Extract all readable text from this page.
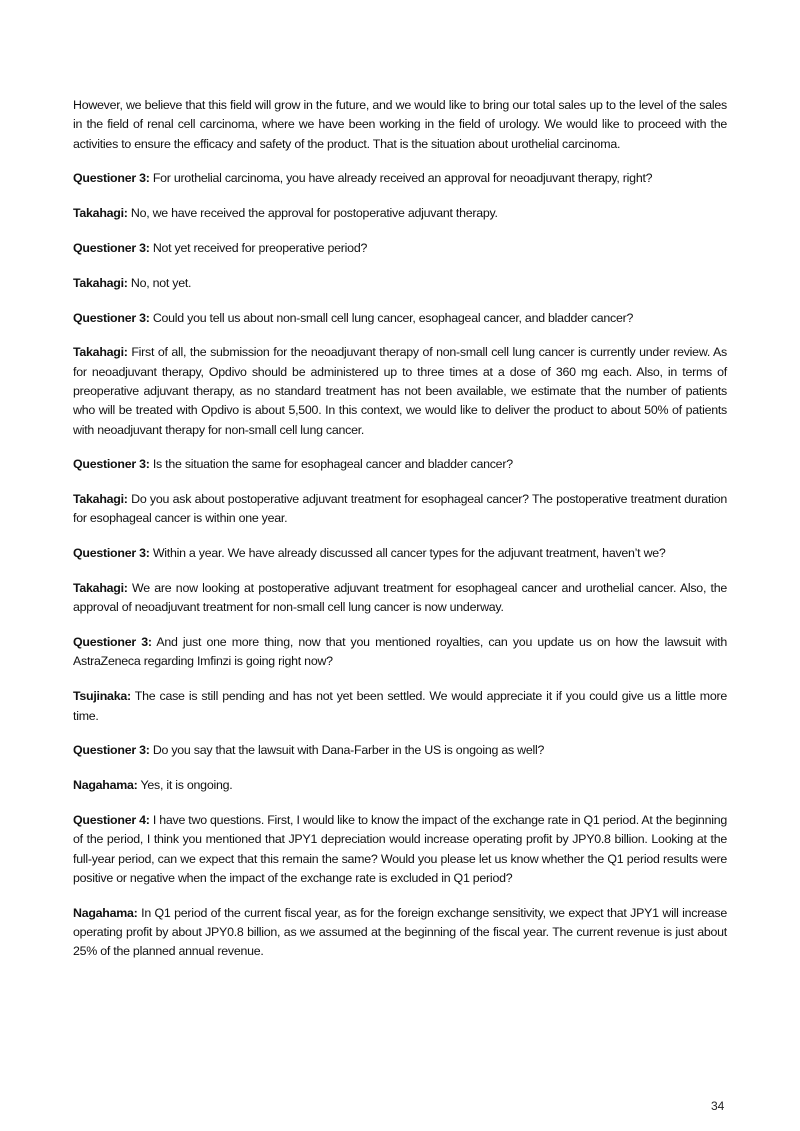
However, we believe that this field will grow in the future, and we would like to bring our total sales up to the level of the sales in the field of renal cell carcinoma, where we have been working in the field of urology. We would like to proceed with the activities to ensure the efficacy and safety of the product. That is the situation about urothelial carcinoma.

Questioner 3: For urothelial carcinoma, you have already received an approval for neoadjuvant therapy, right?

Takahagi: No, we have received the approval for postoperative adjuvant therapy.

Questioner 3: Not yet received for preoperative period?

Takahagi: No, not yet.

Questioner 3: Could you tell us about non-small cell lung cancer, esophageal cancer, and bladder cancer?

Takahagi: First of all, the submission for the neoadjuvant therapy of non-small cell lung cancer is currently under review. As for neoadjuvant therapy, Opdivo should be administered up to three times at a dose of 360 mg each. Also, in terms of preoperative adjuvant therapy, as no standard treatment has not been available, we estimate that the number of patients who will be treated with Opdivo is about 5,500. In this context, we would like to deliver the product to about 50% of patients with neoadjuvant therapy for non-small cell lung cancer.

Questioner 3: Is the situation the same for esophageal cancer and bladder cancer?

Takahagi: Do you ask about postoperative adjuvant treatment for esophageal cancer? The postoperative treatment duration for esophageal cancer is within one year.

Questioner 3: Within a year. We have already discussed all cancer types for the adjuvant treatment, haven’t we?

Takahagi: We are now looking at postoperative adjuvant treatment for esophageal cancer and urothelial cancer. Also, the approval of neoadjuvant treatment for non-small cell lung cancer is now underway.

Questioner 3: And just one more thing, now that you mentioned royalties, can you update us on how the lawsuit with AstraZeneca regarding Imfinzi is going right now?

Tsujinaka: The case is still pending and has not yet been settled. We would appreciate it if you could give us a little more time.

Questioner 3: Do you say that the lawsuit with Dana-Farber in the US is ongoing as well?

Nagahama: Yes, it is ongoing.

Questioner 4: I have two questions. First, I would like to know the impact of the exchange rate in Q1 period. At the beginning of the period, I think you mentioned that JPY1 depreciation would increase operating profit by JPY0.8 billion. Looking at the full-year period, can we expect that this remain the same? Would you please let us know whether the Q1 period results were positive or negative when the impact of the exchange rate is excluded in Q1 period?

Nagahama: In Q1 period of the current fiscal year, as for the foreign exchange sensitivity, we expect that JPY1 will increase operating profit by about JPY0.8 billion, as we assumed at the beginning of the fiscal year. The current revenue is just about 25% of the planned annual revenue.

34
